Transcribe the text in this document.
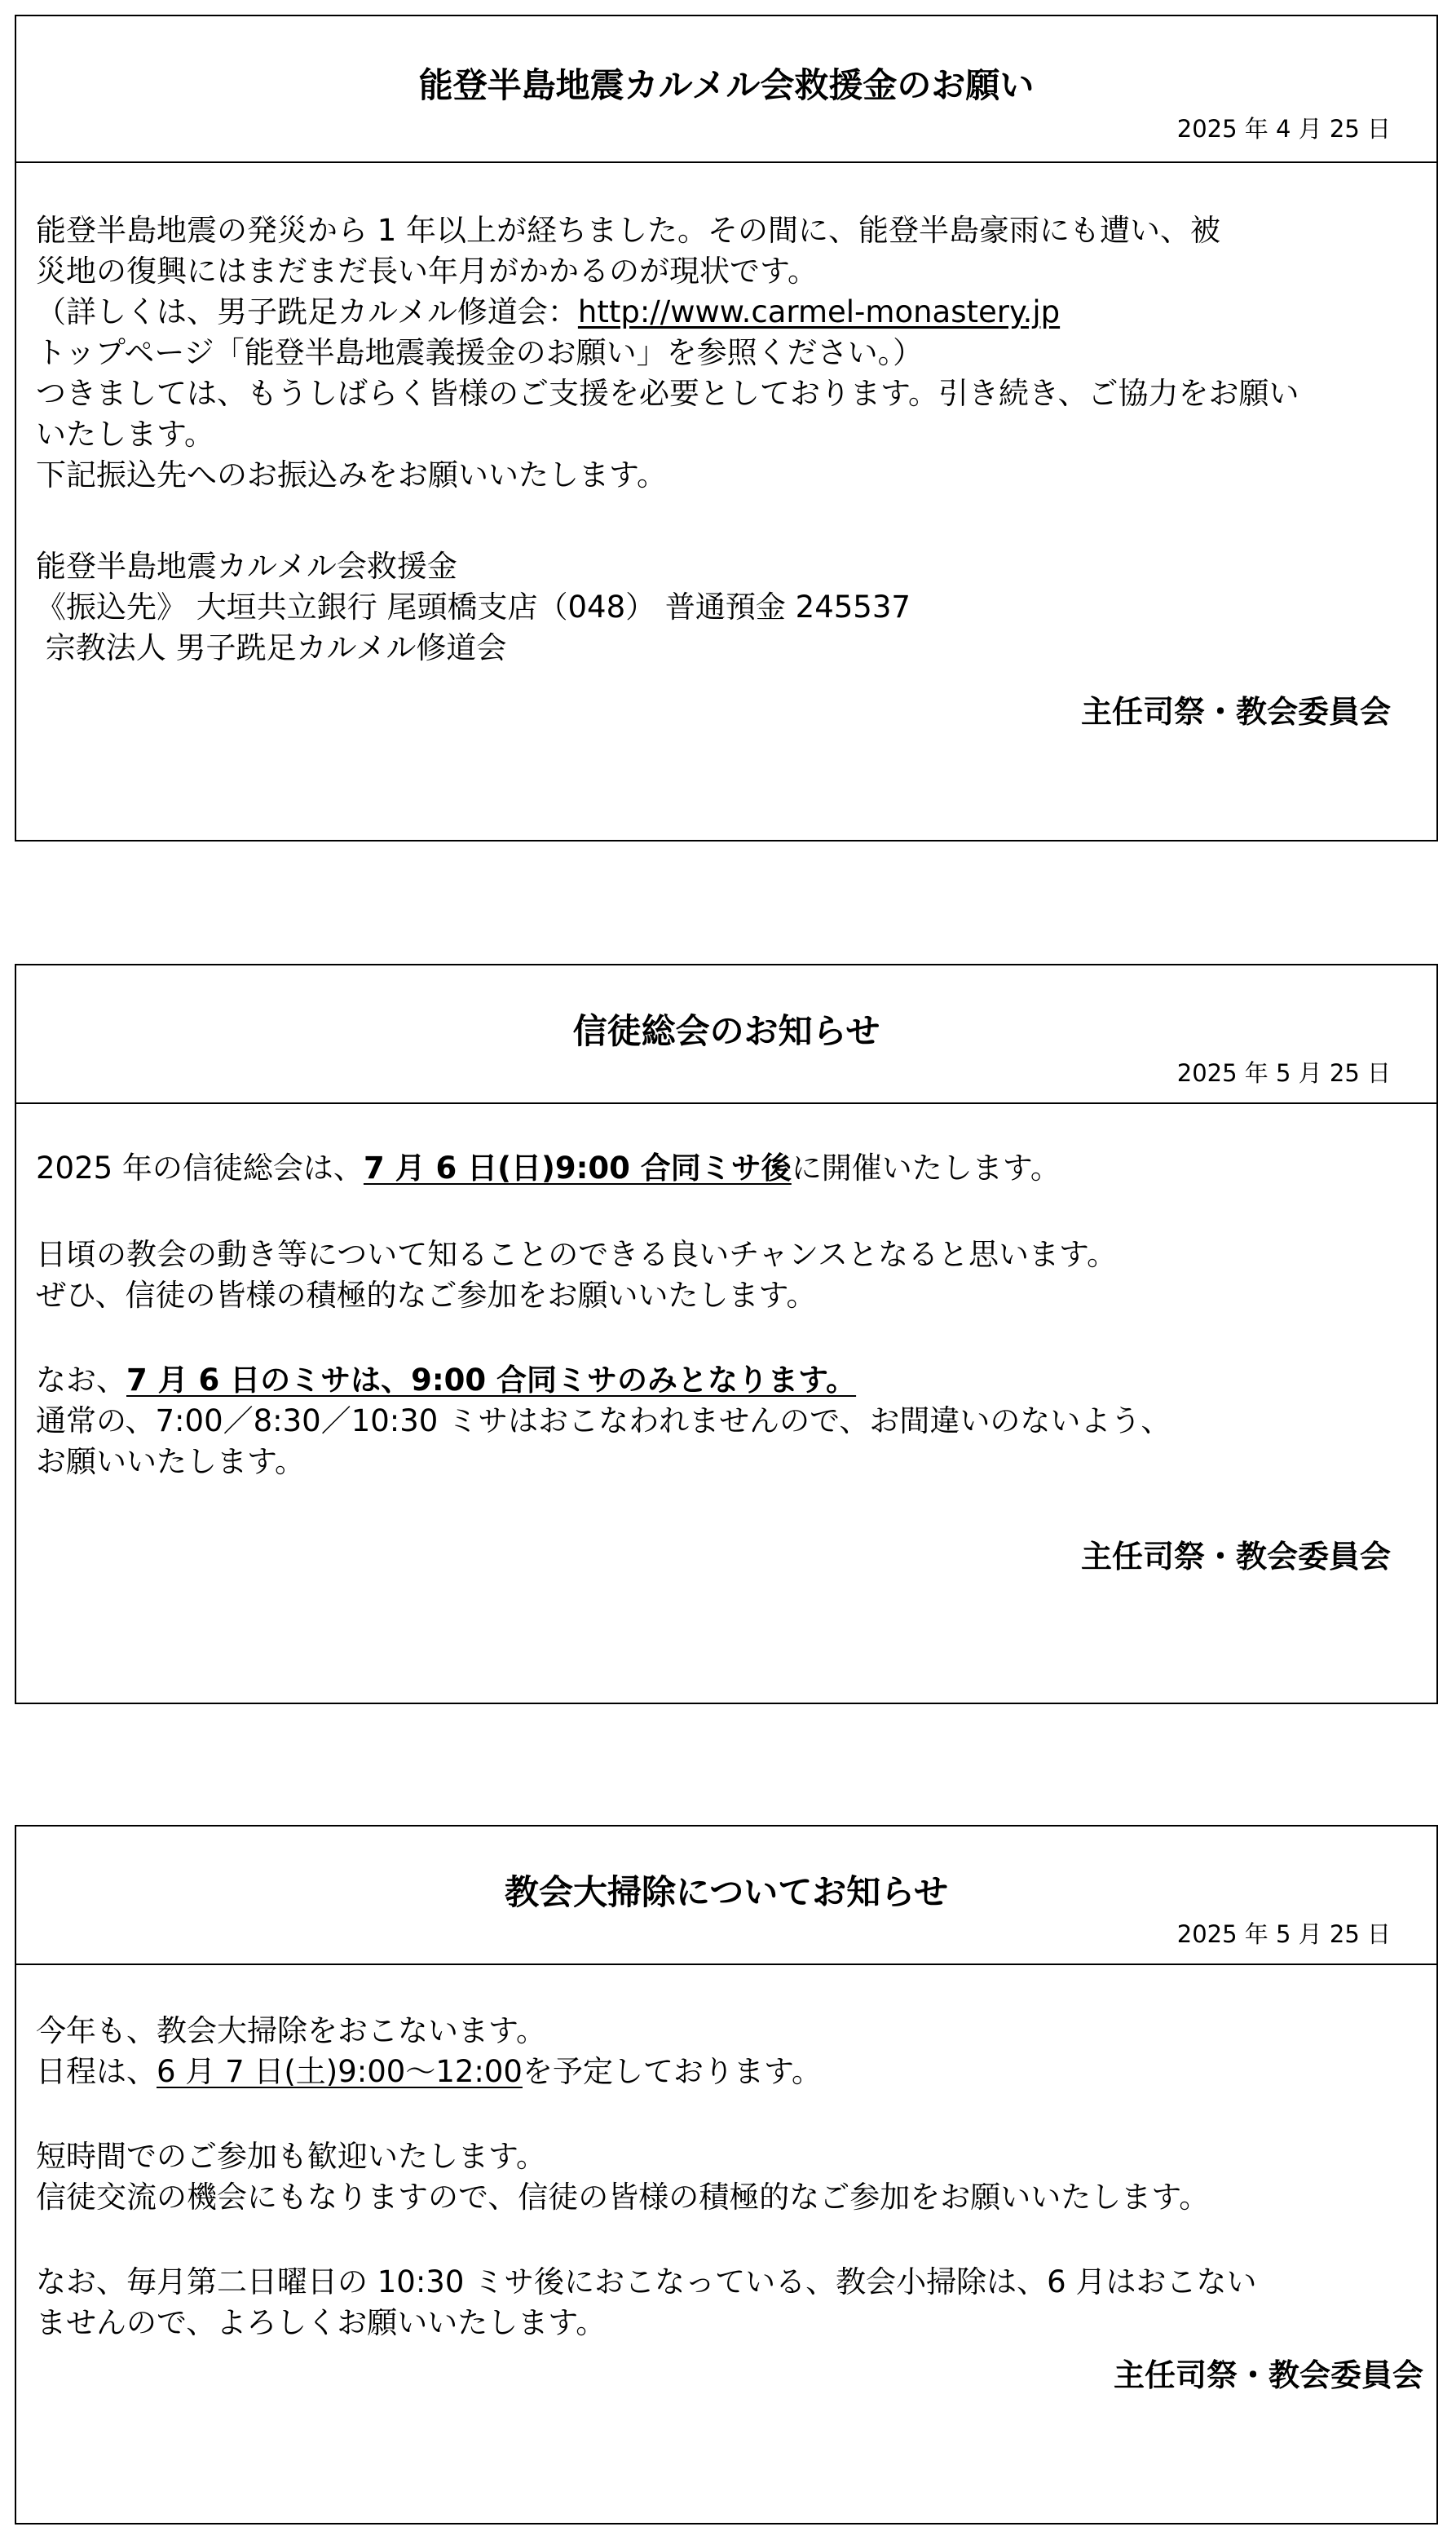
能登半島地震カルメル会救援金のお願い
2025 年 4 月 25 日
能登半島地震の発災から 1 年以上が経ちました。その間に、能登半島豪雨にも遭い、被
災地の復興にはまだまだ長い年月がかかるのが現状です。
（詳しくは、男子跣足カルメル修道会：http://www.carmel-monastery.jp
トップページ「能登半島地震義援金のお願い」を参照ください。）
つきましては、もうしばらく皆様のご支援を必要としております。引き続き、ご協力をお願い
いたします。
下記振込先へのお振込みをお願いいたします。
能登半島地震カルメル会救援金
《振込先》 大垣共立銀行 尾頭橋支店（048） 普通預金 245537
宗教法人 男子跣足カルメル修道会
主任司祭・教会委員会
信徒総会のお知らせ
2025 年 5 月 25 日
2025 年の信徒総会は、7 月 6 日(日)9:00 合同ミサ後に開催いたします。
日頃の教会の動き等について知ることのできる良いチャンスとなると思います。
ぜひ、信徒の皆様の積極的なご参加をお願いいたします。
なお、7 月 6 日のミサは、9:00 合同ミサのみとなります。
通常の、7:00／8:30／10:30 ミサはおこなわれませんので、お間違いのないよう、
お願いいたします。
主任司祭・教会委員会
教会大掃除についてお知らせ
2025 年 5 月 25 日
今年も、教会大掃除をおこないます。
日程は、6 月 7 日(土)9:00～12:00を予定しております。
短時間でのご参加も歓迎いたします。
信徒交流の機会にもなりますので、信徒の皆様の積極的なご参加をお願いいたします。
なお、毎月第二日曜日の 10:30 ミサ後におこなっている、教会小掃除は、6 月はおこない
ませんので、よろしくお願いいたします。
主任司祭・教会委員会
